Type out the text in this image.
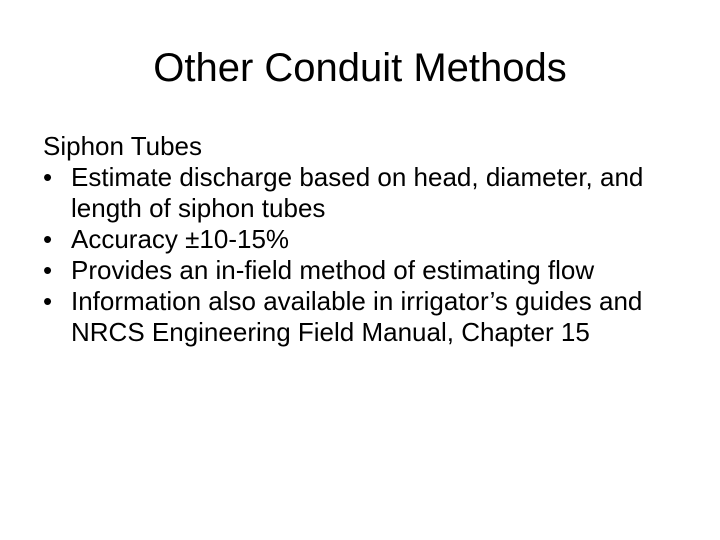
Other Conduit Methods
Siphon Tubes
• Estimate discharge based on head, diameter, and length of siphon tubes
• Accuracy ±10-15%
• Provides an in-field method of estimating flow
• Information also available in irrigator’s guides and NRCS Engineering Field Manual, Chapter 15
